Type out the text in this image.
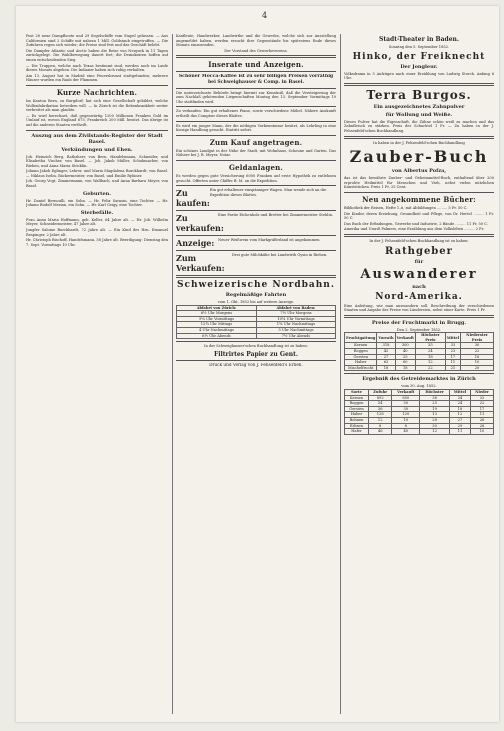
4

Post 28 neue Dampfboote und 29 Segelschiffe vom Stapel gelassen. — Aus Californien sind 2 Schiffe mit nahezu 1 Mill. Goldstaub eingetroffen. — Die Zufuhren regen sich wieder; die Preise sind fest und das Geschäft belebt.

Die Dampfer Atlantic und Arctic haben die Reise von Neuyork in 11 Tagen zurückgelegt. Die Wahlbewegung dauert fort; die Demokraten hoffen auf einen entscheidenden Sieg.

— Die Truppen, welche nach Texas bestimmt sind, werden noch im Laufe dieses Monats abgehen. Die Indianer haben sich ruhig verhalten.

Am 13. August hat in Madrid eine Feuersbrunst stattgefunden; mehrere Häuser wurden ein Raub der Flammen.

Kurze Nachrichten.

Im Kanton Bern, zu Burgdorf, hat sich eine Gesellschaft gebildet, welche Wollenfabrikation betreiben will. — In Zürich ist die Rebenkrankheit weiter verbreitet als man glaubte.

— Es wird berechnet, daß gegenwärtig 1200 Millionen Franken Gold im Umlauf ist, wovon England 675, Frankreich 200 Mill. besitzt. Das übrige ist auf die anderen Staaten vertheilt.

Auszug aus dem Zivilstands-Register der Stadt Basel.
Verkündungen und Ehen.

Joh. Heinrich Berg, Rathsherr, von Bern, Handelsmann, Schneider, und Elisabetha Vischer, von Basel. — Joh. Jakob Müller, Schuhmacher, von Riehen, und Anna Maria Stöcklin.

Johann Jakob Eglinger, Lehrer, und Maria Magdalena Burckhardt, von Basel. — Niklaus Iselin, Bäckermeister, von Basel, und Emilie Ryhiner.

Joh. Georg Vogt, Zimmermann, von Wallbach, und Anna Barbara Meyer, von Basel.

Geburten.

Hr. Daniel Bernoulli, ein Sohn. — Hr. Felix Sarasin, eine Tochter. — Hr. Johann Rudolf Merian, ein Sohn. — Hr. Karl Geigy, eine Tochter.

Sterbefälle.

Frau Anna Maria Hoffmann, geb. Keller, 64 Jahre alt. — Hr. Joh. Wilhelm Meyer, Schneidermeister, 47 Jahre alt.

Jungfer Salome Burckhardt, 72 Jahre alt. — Ein Kind des Hrn. Emanuel Respinger, 2 Jahre alt.

Hr. Christoph Bischoff, Handelsmann, 58 Jahre alt. Beerdigung: Dienstag den 7. Sept. Vormittags 10 Uhr.

Kaufleute, Handwerker, Landwirthe und die Gewerbe, welche sich zur Ausstellung angemeldet haben, werden ersucht ihre Gegenstände bis spätestens Ende dieses Monats einzusenden.

Der Vorstand des Gewerbevereins.

Inserate und Anzeigen.

Schöner Mocca-Kaffee ist zu sehr billigen Preisen vorräthig bei Schweighauser & Comp. in Basel.

Die unterzeichnete Behörde bringt hiermit zur Kenntniß, daß die Versteigerung der zum Nachlaß gehörenden Liegenschaften Montag den 13. September Vormittags 10 Uhr stattfinden wird.

Zu verkaufen: Ein gut erhaltenes Piano, sowie verschiedene Möbel. Nähere Auskunft ertheilt das Comptoir dieses Blattes.

Es wird ein junger Mann, der die nöthigen Vorkenntnisse besitzt, als Lehrling in eine hiesige Handlung gesucht. Eintritt sofort.

Zum Kauf angetragen.

Ein schönes Landgut in der Nähe der Stadt, mit Wohnhaus, Scheune und Garten. Das Nähere bei J. R. Meyer, Notar.

Geldanlagen.

Es werden gegen gute Versicherung 6000 Franken auf erste Hypothek zu entlehnen gesucht. Offerten unter Chiffre B. M. an die Expedition.

Zu kaufen:
Ein gut erhaltener einspänniger Wagen. Man wende sich an die Expedition dieses Blattes.
Zu verkaufen:
Eine Partie Eichenholz und Bretter bei Zimmermeister Stehlin.
Anzeige:	Neuer Weißwein vom Markgräflerland ist angekommen.
Zum Verkaufen:
Drei gute Milchkühe bei Landwirth Gysin in Riehen.
Schweizerische Nordbahn.
Regelmäßige Fahrten
vom 1. Okt. 1852 bis auf weitere Anzeige.
Abfahrt von Zürich:	Abfahrt von Baden:
6½ Uhr Morgens	7½ Uhr Morgens
9¼ Uhr Vormittags	10¼ Uhr Vormittags
12¾ Uhr Mittags	1¾ Uhr Nachmittags
4 Uhr Nachmittags	5 Uhr Nachmittags
6½ Uhr Abends	7½ Uhr Abends
In der Schweighauser'schen Buchhandlung ist zu haben:
Filtrirtes Papier zu Gent.
Druck und Verlag von J. Fehsenfeld's Erben.
Stadt-Theater in Baden.
Sonntag den 5. September 1852.
Hinko, der Freiknecht
Der Jongleur.

Volksdrama in 5 Aufzügen nach einer Erzählung von Ludwig Storch. Anfang 6 Uhr.

Terra Burgos.
Ein ausgezeichnetes Zahnpulver
für Wollung und Weiße.

Dieses Pulver hat die Eigenschaft, die Zähne schön weiß zu machen und das Zahnfleisch zu stärken. Preis der Schachtel 1 Fr. — Zu haben in der J. Fehsenfeld'schen Buchhandlung.

In haben in der J. Fehsenfeld'schen Buchhandlung
Zauber-Buch
von Albertus Pofza,

das ist das bewährte Zauber- und Geheimmittel-Buch, enthaltend über 200 erprobte Heilmittel für Menschen und Vieh, nebst vielen nützlichen Kunststücken. Preis 1 Fr. 25 Cent.

Neu angekommene Bücher:

Bibliothek der Reisen, Hefte 1–6, mit Abbildungen ......... 5 Fr. 50 C.

Die Kinder, deren Erziehung, Gesundheit und Pflege, von Dr. Hertel ......... 1 Fr. 50 C.

Das Buch der Erfindungen, Gewerbe und Industrie, 2 Bände ......... 11 Fr. 50 C.

Amerika und Umriß Palmers, eine Erzählung aus dem Volksleben ......... 2 Fr.

In der J. Fehsenfeld'schen Buchhandlung ist zu haben:
Rathgeber
für
Auswanderer
nach
Nord-Amerika.

Eine Anleitung, wie man auswandern soll. Beschreibung der verschiedenen Staaten und Angabe der Preise von Ländereien, nebst einer Karte. Preis 1 Fr.

Preise der Fruchtmarkt in Brugg.
Den 2. September 1852.
Fruchtgattung	Vorrath	Verkauft	Höchster Preis	Mittel	Niederster Preis
Kernen	318	300	35	33	30
Roggen	42	40	24	23	22
Gersten	27	25	18	17	16
Haber	63	60	12	11	10
Mischelfrucht	18	18	22	21	20
Ergebniß des Getreidemarktes in Zürich
vom 30. Aug. 1852.
Sorte	Zufuhr	Verkauft	Höchster	Mittel	Nieder
Kernen	892	850	36	34	32
Roggen	54	50	25	24	22
Gersten	36	30	19	18	17
Haber	128	120	13	12	11
Bohnen	12	10	28	27	26
Erbsen	8	8	30	29	28
Hafer	46	40	12	11	10
